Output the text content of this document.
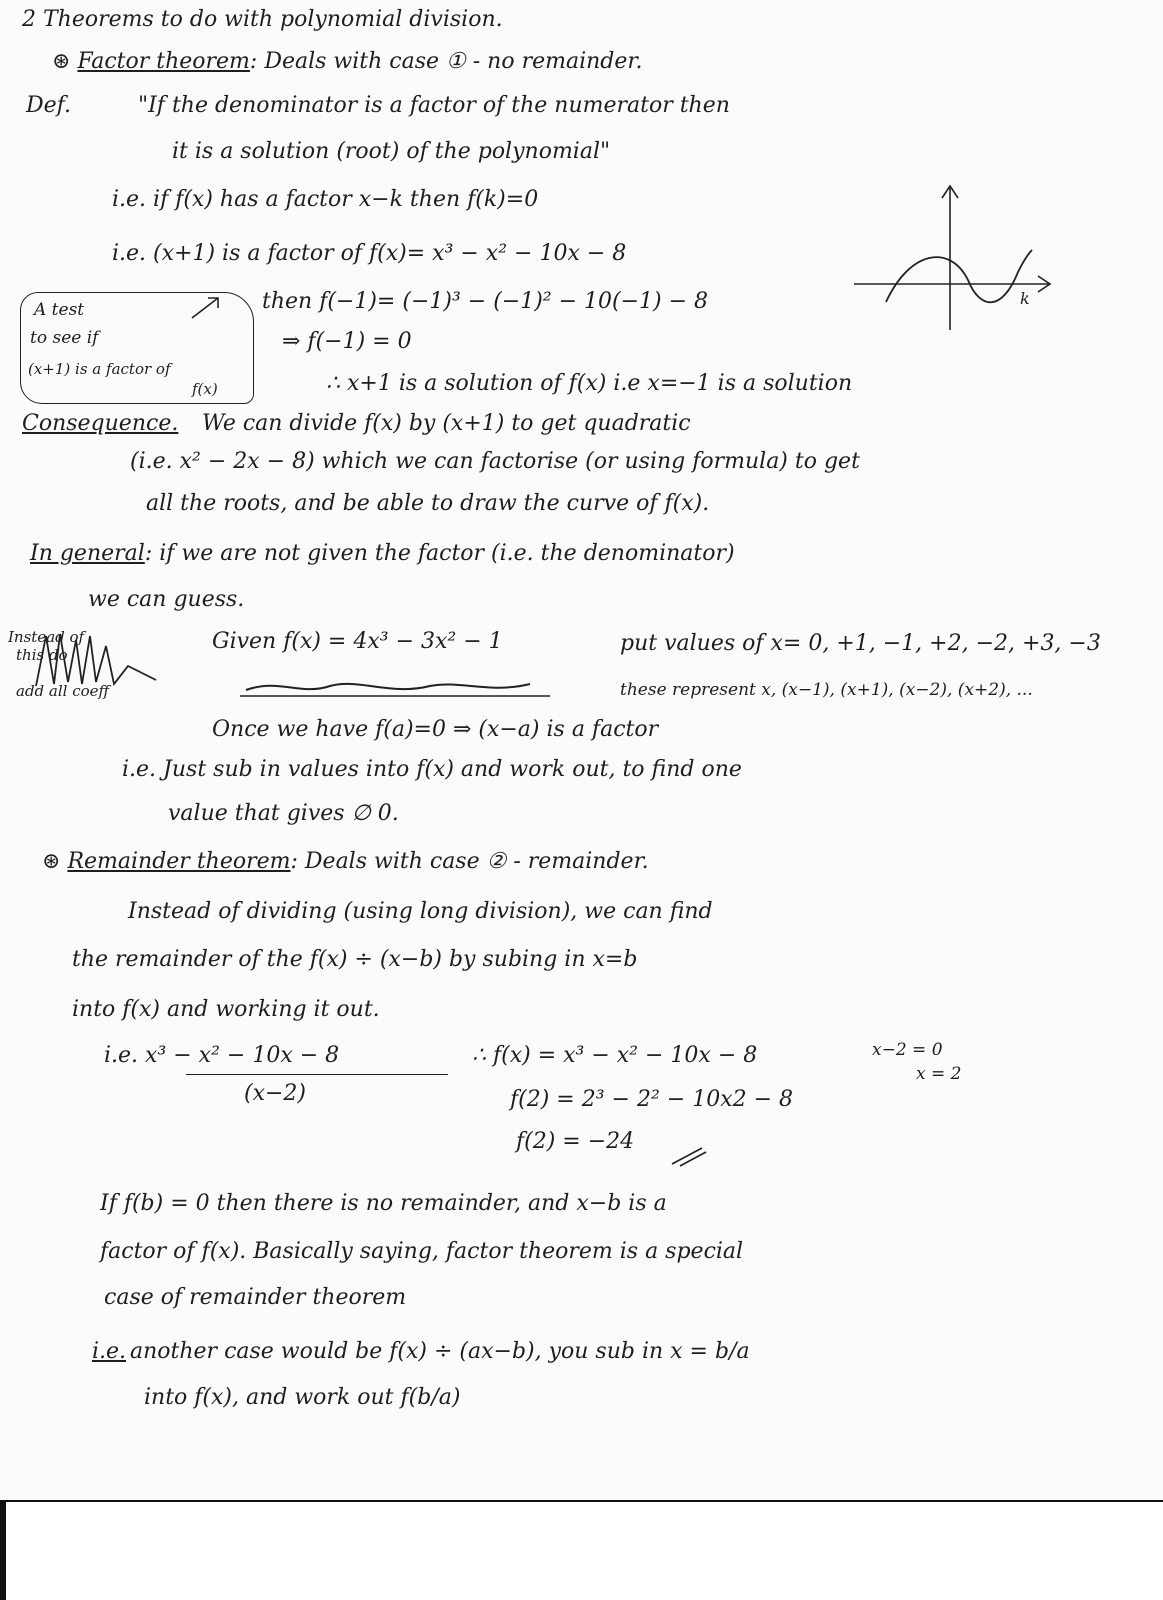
2 Theorems to do with polynomial division.
⊛ Factor theorem: Deals with case ① - no remainder.
Def.	"If the denominator is a factor of the numerator then
it is a solution (root) of the polynomial"
i.e. if f(x) has a factor x−k then f(k)=0
i.e. (x+1) is a factor of f(x)= x³ − x² − 10x − 8
then f(−1)= (−1)³ − (−1)² − 10(−1) − 8
⇒ f(−1) = 0
∴ x+1 is a solution of f(x) i.e x=−1 is a solution
A test
to see if
(x+1) is a factor of
f(x)
k
Consequence. We can divide f(x) by (x+1) to get quadratic
(i.e. x² − 2x − 8) which we can factorise (or using formula) to get
all the roots, and be able to draw the curve of f(x).
In general: if we are not given the factor (i.e. the denominator)
we can guess.
Instead of
this do
add all coeff
Given f(x) = 4x³ − 3x² − 1	put values of x= 0, +1, −1, +2, −2, +3, −3
these represent x, (x−1), (x+1), (x−2), (x+2), ...
Once we have f(a)=0 ⇒ (x−a) is a factor
i.e. Just sub in values into f(x) and work out, to find one
value that gives ∅ 0.
⊛ Remainder theorem: Deals with case ② - remainder.
Instead of dividing (using long division), we can find
the remainder of the f(x) ÷ (x−b) by subing in x=b
into f(x) and working it out.
i.e. x³ − x² − 10x − 8
(x−2)
∴ f(x) = x³ − x² − 10x − 8	x−2 = 0
x = 2
f(2) = 2³ − 2² − 10x2 − 8
f(2) = −24
If f(b) = 0 then there is no remainder, and x−b is a
factor of f(x). Basically saying, factor theorem is a special
case of remainder theorem
i.e. another case would be f(x) ÷ (ax−b), you sub in x = b/a
into f(x), and work out f(b/a)
